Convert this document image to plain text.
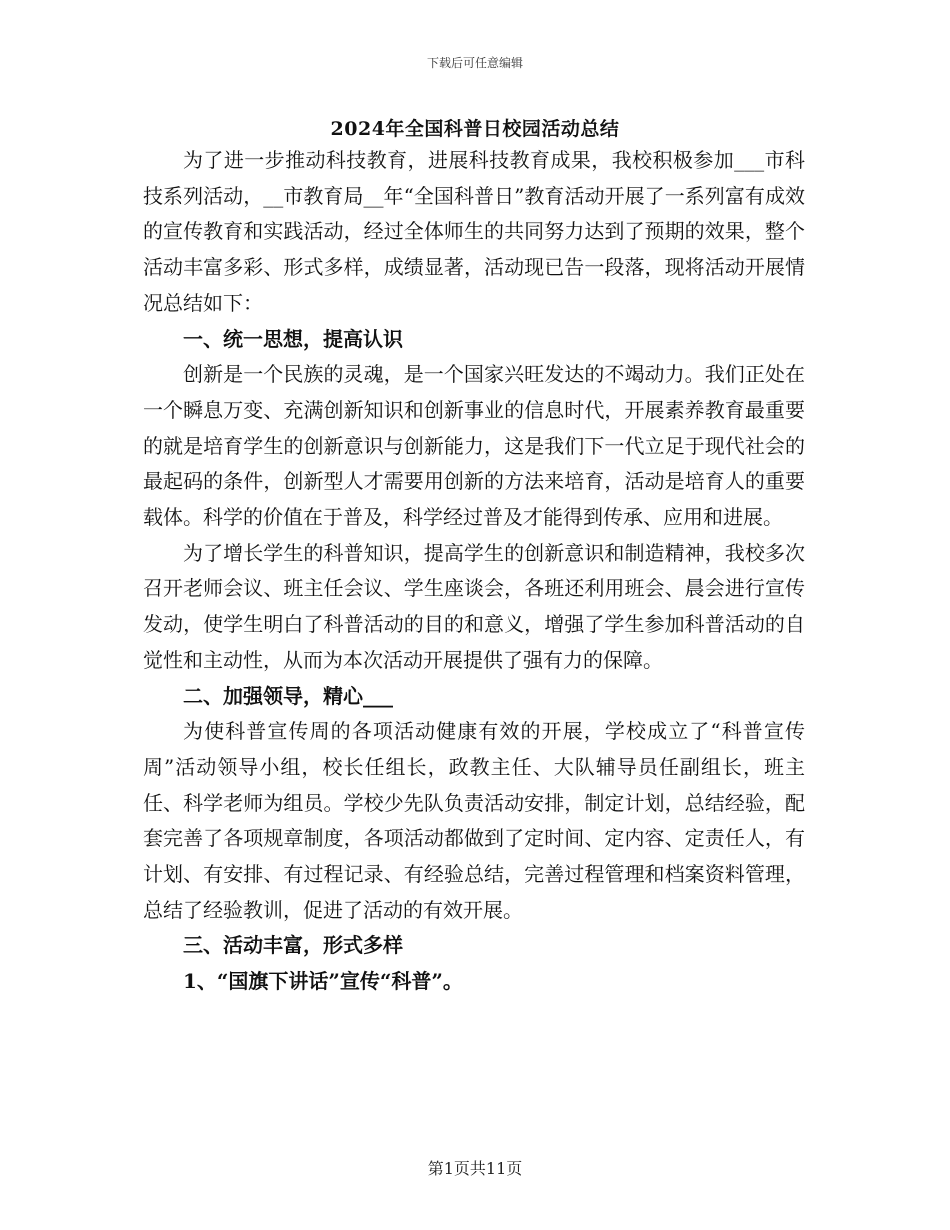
下载后可任意编辑
2024年全国科普日校园活动总结

为了进一步推动科技教育，进展科技教育成果，我校积极参加___市科技系列活动，__市教育局__年“全国科普日”教育活动开展了一系列富有成效的宣传教育和实践活动，经过全体师生的共同努力达到了预期的效果，整个活动丰富多彩、形式多样，成绩显著，活动现已告一段落，现将活动开展情况总结如下：

一、统一思想，提高认识

创新是一个民族的灵魂，是一个国家兴旺发达的不竭动力。我们正处在一个瞬息万变、充满创新知识和创新事业的信息时代，开展素养教育最重要的就是培育学生的创新意识与创新能力，这是我们下一代立足于现代社会的最起码的条件，创新型人才需要用创新的方法来培育，活动是培育人的重要载体。科学的价值在于普及，科学经过普及才能得到传承、应用和进展。

为了增长学生的科普知识，提高学生的创新意识和制造精神，我校多次召开老师会议、班主任会议、学生座谈会，各班还利用班会、晨会进行宣传发动，使学生明白了科普活动的目的和意义，增强了学生参加科普活动的自觉性和主动性，从而为本次活动开展提供了强有力的保障。

二、加强领导，精心___

为使科普宣传周的各项活动健康有效的开展，学校成立了“科普宣传周”活动领导小组，校长任组长，政教主任、大队辅导员任副组长，班主任、科学老师为组员。学校少先队负责活动安排，制定计划，总结经验，配套完善了各项规章制度，各项活动都做到了定时间、定内容、定责任人，有计划、有安排、有过程记录、有经验总结，完善过程管理和档案资料管理，总结了经验教训，促进了活动的有效开展。

三、活动丰富，形式多样

1、“国旗下讲话”宣传“科普”。

第1页共11页
